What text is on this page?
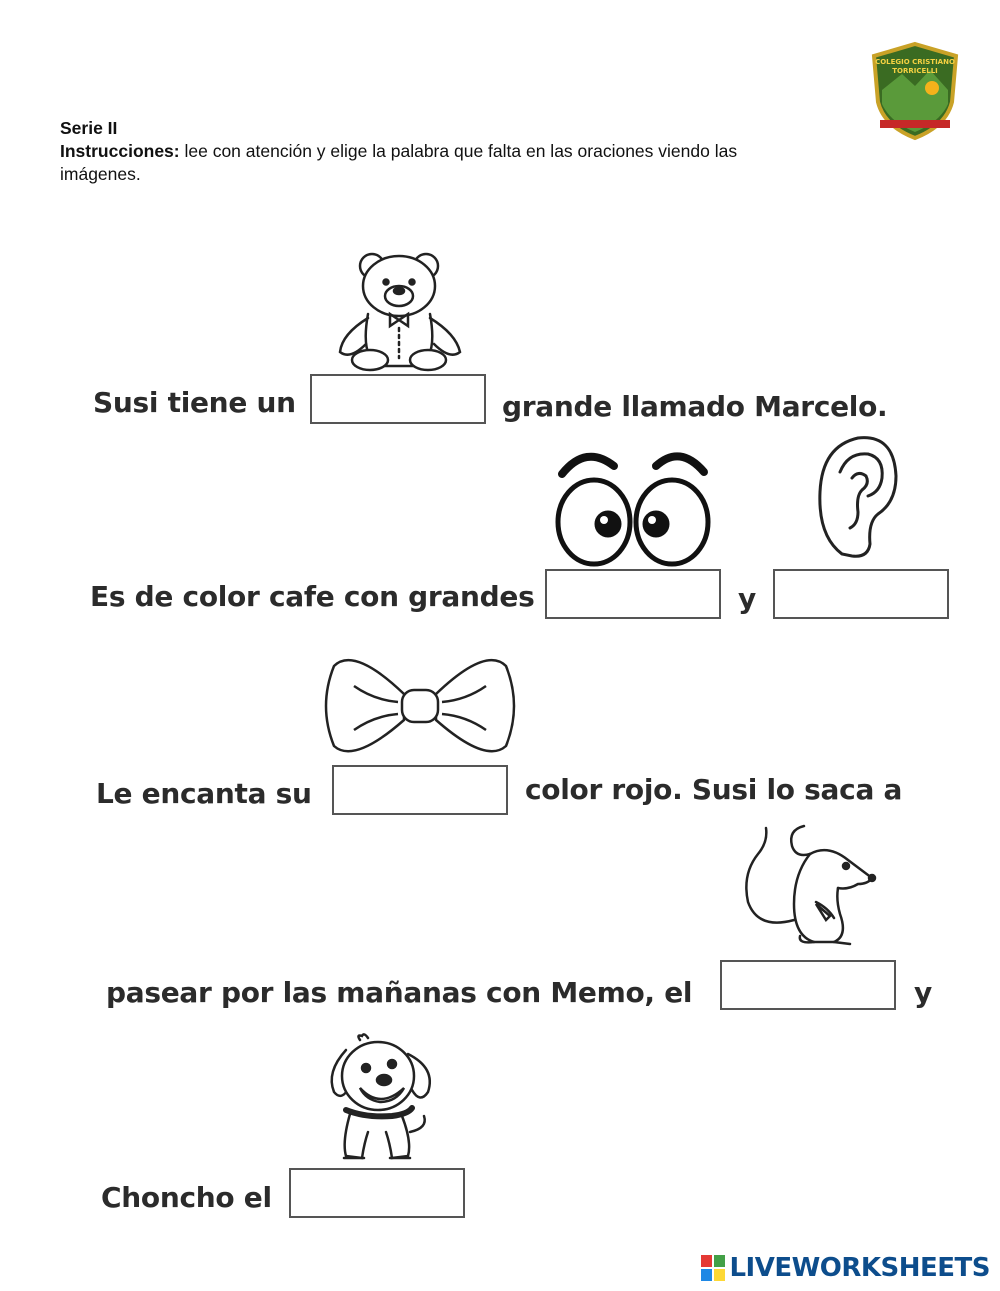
Serie II
Instrucciones: lee con atención y elige la palabra que falta en las oraciones viendo las imágenes.
COLEGIO CRISTIANO
TORRICELLI
Susi tiene un	grande llamado Marcelo.
Es de color cafe con grandes	y
Le encanta su	color rojo. Susi lo saca a
pasear por las mañanas con Memo, el	y
Choncho el
LIVEWORKSHEETS
